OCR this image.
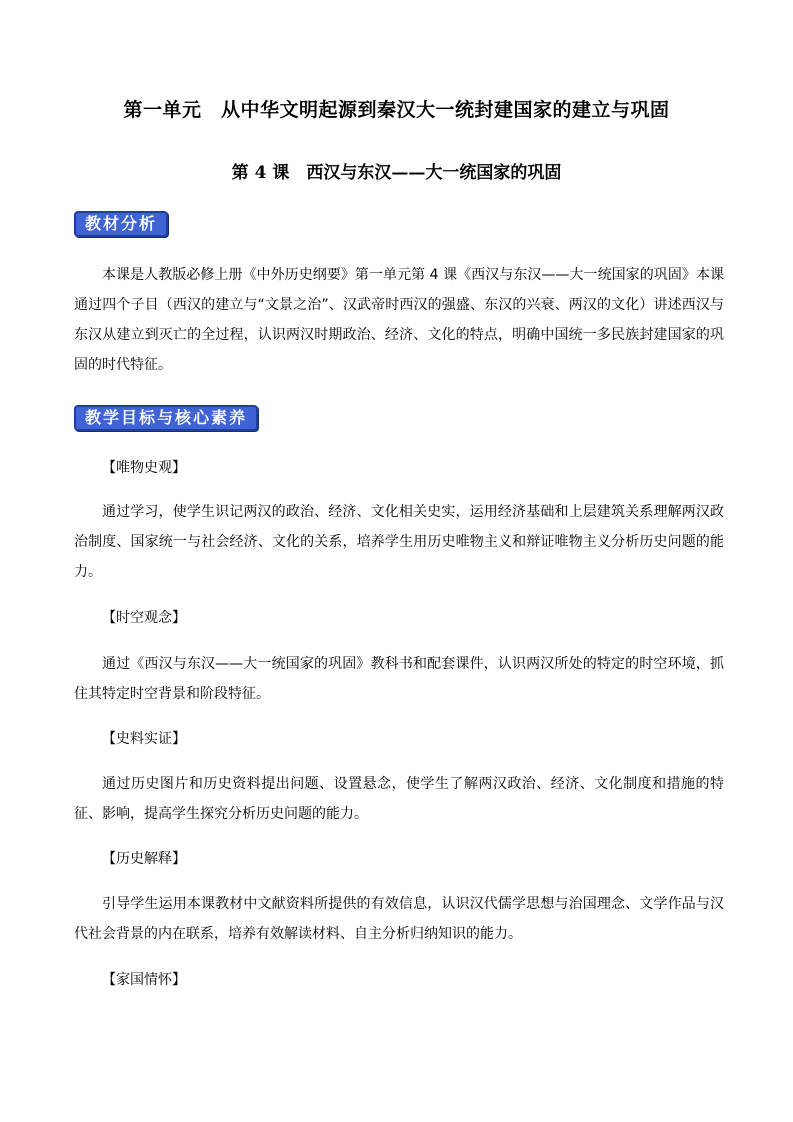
第一单元　从中华文明起源到秦汉大一统封建国家的建立与巩固
第 4 课　西汉与东汉——大一统国家的巩固
教材分析
本课是人教版必修上册《中外历史纲要》第一单元第 4 课《西汉与东汉——大一统国家的巩固》本课通过四个子目（西汉的建立与“文景之治”、汉武帝时西汉的强盛、东汉的兴衰、两汉的文化）讲述西汉与东汉从建立到灭亡的全过程，认识两汉时期政治、经济、文化的特点，明确中国统一多民族封建国家的巩固的时代特征。
教学目标与核心素养
【唯物史观】
通过学习，使学生识记两汉的政治、经济、文化相关史实，运用经济基础和上层建筑关系理解两汉政治制度、国家统一与社会经济、文化的关系，培养学生用历史唯物主义和辩证唯物主义分析历史问题的能力。
【时空观念】
通过《西汉与东汉——大一统国家的巩固》教科书和配套课件，认识两汉所处的特定的时空环境，抓住其特定时空背景和阶段特征。
【史料实证】
通过历史图片和历史资料提出问题、设置悬念，使学生了解两汉政治、经济、文化制度和措施的特征、影响，提高学生探究分析历史问题的能力。
【历史解释】
引导学生运用本课教材中文献资料所提供的有效信息，认识汉代儒学思想与治国理念、文学作品与汉代社会背景的内在联系，培养有效解读材料、自主分析归纳知识的能力。
【家国情怀】
